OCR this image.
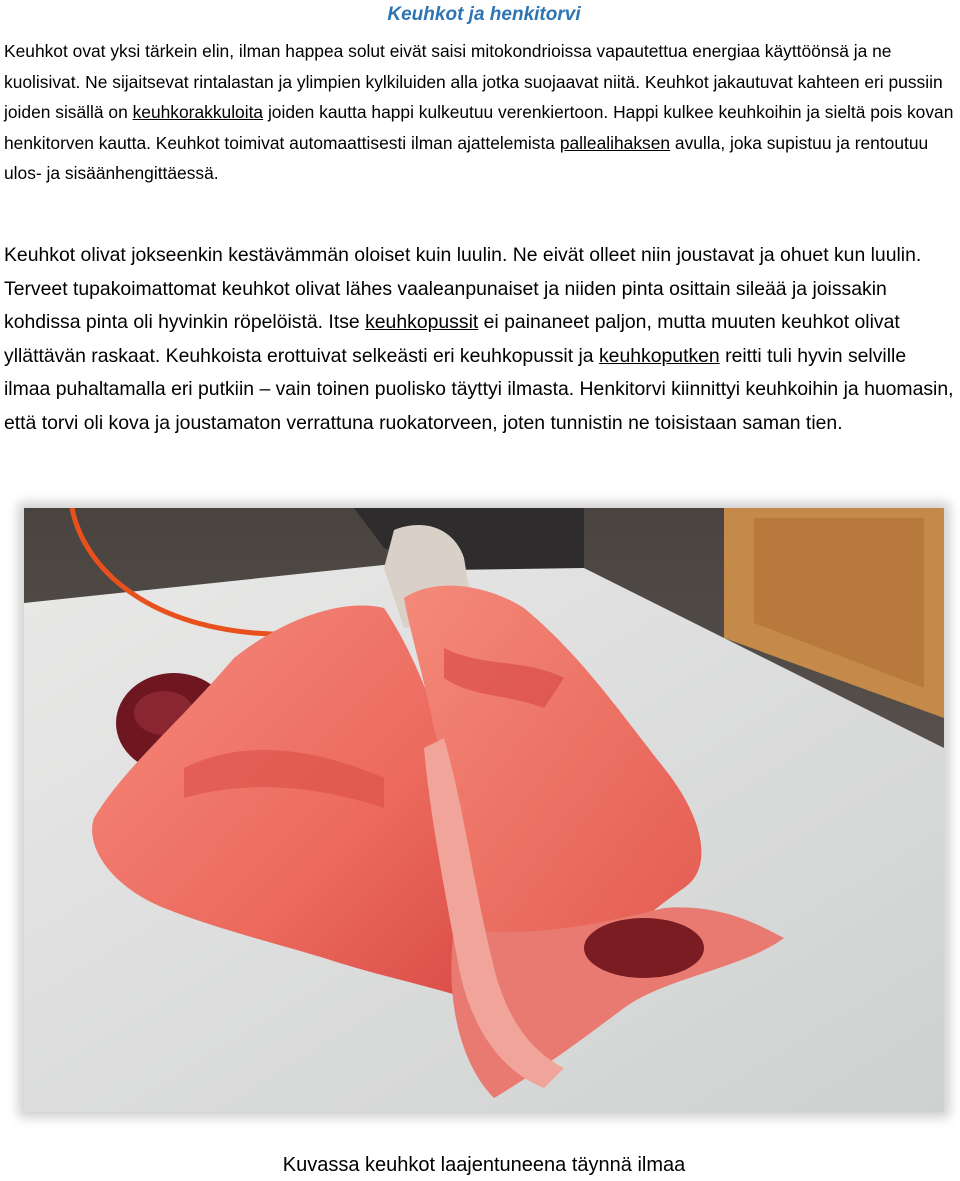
Keuhkot ja henkitorvi

Keuhkot ovat yksi tärkein elin, ilman happea solut eivät saisi mitokondrioissa vapautettua energiaa käyttöönsä ja ne kuolisivat. Ne sijaitsevat rintalastan ja ylimpien kylkiluiden alla jotka suojaavat niitä. Keuhkot jakautuvat kahteen eri pussiin joiden sisällä on keuhkorakkuloita joiden kautta happi kulkeutuu verenkiertoon. Happi kulkee keuhkoihin ja sieltä pois kovan henkitorven kautta. Keuhkot toimivat automaattisesti ilman ajattelemista pallealihaksen avulla, joka supistuu ja rentoutuu ulos- ja sisäänhengittäessä.

Keuhkot olivat jokseenkin kestävämmän oloiset kuin luulin. Ne eivät olleet niin joustavat ja ohuet kun luulin. Terveet tupakoimattomat keuhkot olivat lähes vaaleanpunaiset ja niiden pinta osittain sileää ja joissakin kohdissa pinta oli hyvinkin röpelöistä. Itse keuhkopussit ei painaneet paljon, mutta muuten keuhkot olivat yllättävän raskaat. Keuhkoista erottuivat selkeästi eri keuhkopussit ja keuhkoputken reitti tuli hyvin selville ilmaa puhaltamalla eri putkiin – vain toinen puolisko täyttyi ilmasta. Henkitorvi kiinnittyi keuhkoihin ja huomasin, että torvi oli kova ja joustamaton verrattuna ruokatorveen, joten tunnistin ne toisistaan saman tien.

Kuvassa keuhkot laajentuneena täynnä ilmaa
